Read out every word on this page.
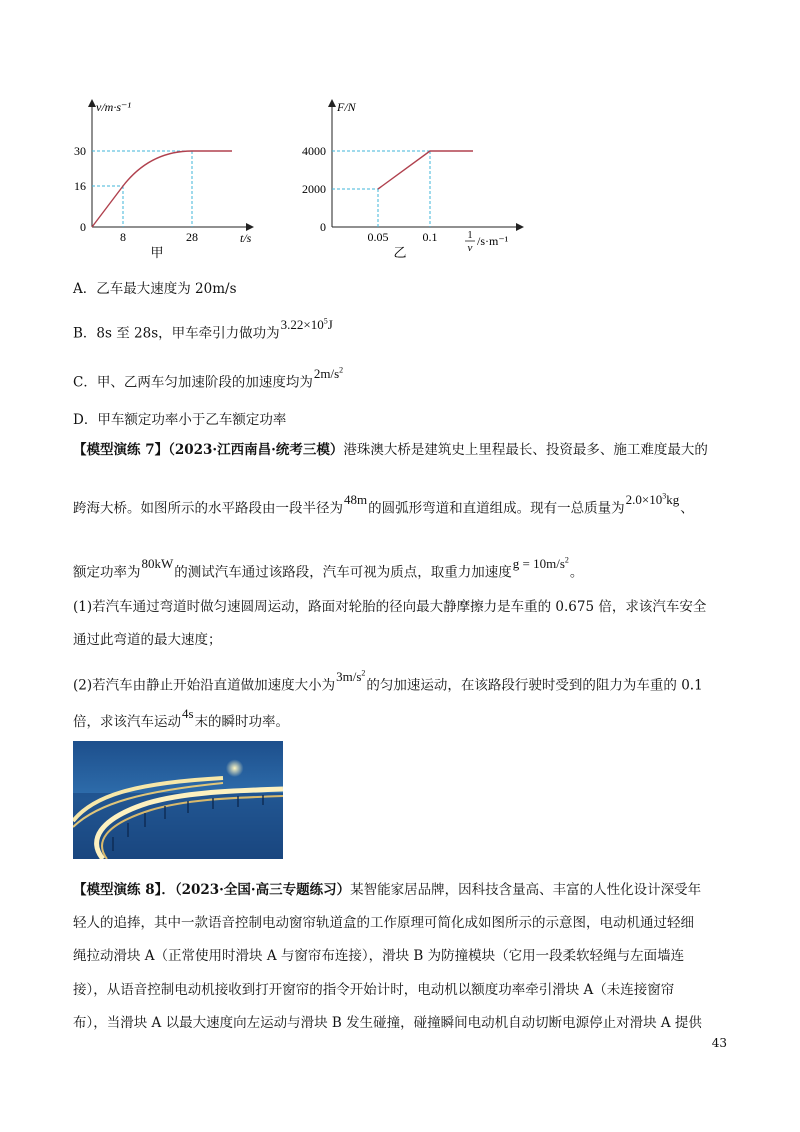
v/m·s⁻¹
30
16
0
8	28	t/s
甲
F/N
4000
2000
0
0.05	0.1	1
v /s·m⁻¹
乙
A．乙车最大速度为 20m/s
B．8s 至 28s，甲车牵引力做功为$3.22\times 10^5J$
C．甲、乙两车匀加速阶段的加速度均为$2m/s^2$
D．甲车额定功率小于乙车额定功率
【模型演练 7】（2023·江西南昌·统考三模）港珠澳大桥是建筑史上里程最长、投资最多、施工难度最大的
跨海大桥。如图所示的水平路段由一段半径为48m的圆弧形弯道和直道组成。现有一总质量为$2.0\times 10^3kg$、
额定功率为80kW的测试汽车通过该路段，汽车可视为质点，取重力加速度$g = 10m/s^2$。
(1)若汽车通过弯道时做匀速圆周运动，路面对轮胎的径向最大静摩擦力是车重的 0.675 倍，求该汽车安全
通过此弯道的最大速度；
(2)若汽车由静止开始沿直道做加速度大小为$3m/s^2$的匀加速运动，在该路段行驶时受到的阻力为车重的 0.1
倍，求该汽车运动4s末的瞬时功率。
【模型演练 8】．（2023·全国·高三专题练习）某智能家居品牌，因科技含量高、丰富的人性化设计深受年
轻人的追捧，其中一款语音控制电动窗帘轨道盒的工作原理可简化成如图所示的示意图，电动机通过轻细
绳拉动滑块 A（正常使用时滑块 A 与窗帘布连接），滑块 B 为防撞模块（它用一段柔软轻绳与左面墙连
接），从语音控制电动机接收到打开窗帘的指令开始计时，电动机以额度功率牵引滑块 A（未连接窗帘
布），当滑块 A 以最大速度向左运动与滑块 B 发生碰撞，碰撞瞬间电动机自动切断电源停止对滑块 A 提供
43
